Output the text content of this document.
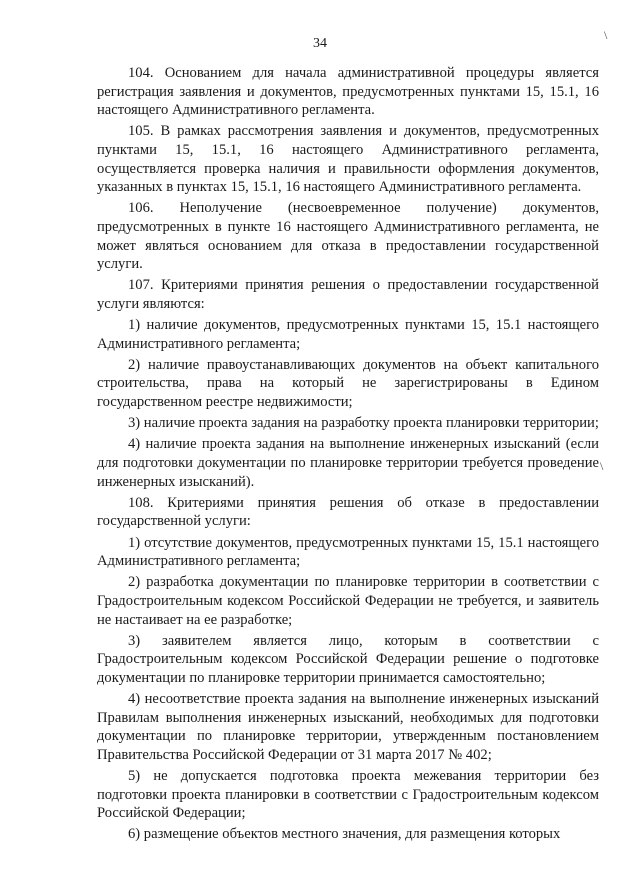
34
\
\

104. Основанием для начала административной процедуры является регистрация заявления и документов, предусмотренных пунктами 15, 15.1, 16 настоящего Административного регламента.

105. В рамках рассмотрения заявления и документов, предусмотренных пунктами 15, 15.1, 16 настоящего Административного регламента, осуществляется проверка наличия и правильности оформления документов, указанных в пунктах 15, 15.1, 16 настоящего Административного регламента.

106. Неполучение (несвоевременное получение) документов, предусмотренных в пункте 16 настоящего Административного регламента, не может являться основанием для отказа в предоставлении государственной услуги.

107. Критериями принятия решения о предоставлении государственной услуги являются:

1) наличие документов, предусмотренных пунктами 15, 15.1 настоящего Административного регламента;

2) наличие правоустанавливающих документов на объект капитального строительства, права на который не зарегистрированы в Едином государственном реестре недвижимости;

3) наличие проекта задания на разработку проекта планировки территории;

4) наличие проекта задания на выполнение инженерных изысканий (если для подготовки документации по планировке территории требуется проведение инженерных изысканий).

108. Критериями принятия решения об отказе в предоставлении государственной услуги:

1) отсутствие документов, предусмотренных пунктами 15, 15.1 настоящего Административного регламента;

2) разработка документации по планировке территории в соответствии с Градостроительным кодексом Российской Федерации не требуется, и заявитель не настаивает на ее разработке;

3) заявителем является лицо, которым в соответствии с Градостроительным кодексом Российской Федерации решение о подготовке документации по планировке территории принимается самостоятельно;

4) несоответствие проекта задания на выполнение инженерных изысканий Правилам выполнения инженерных изысканий, необходимых для подготовки документации по планировке территории, утвержденным постановлением Правительства Российской Федерации от 31 марта 2017 № 402;

5) не допускается подготовка проекта межевания территории без подготовки проекта планировки в соответствии с Градостроительным кодексом Российской Федерации;

6) размещение объектов местного значения, для размещения которых
